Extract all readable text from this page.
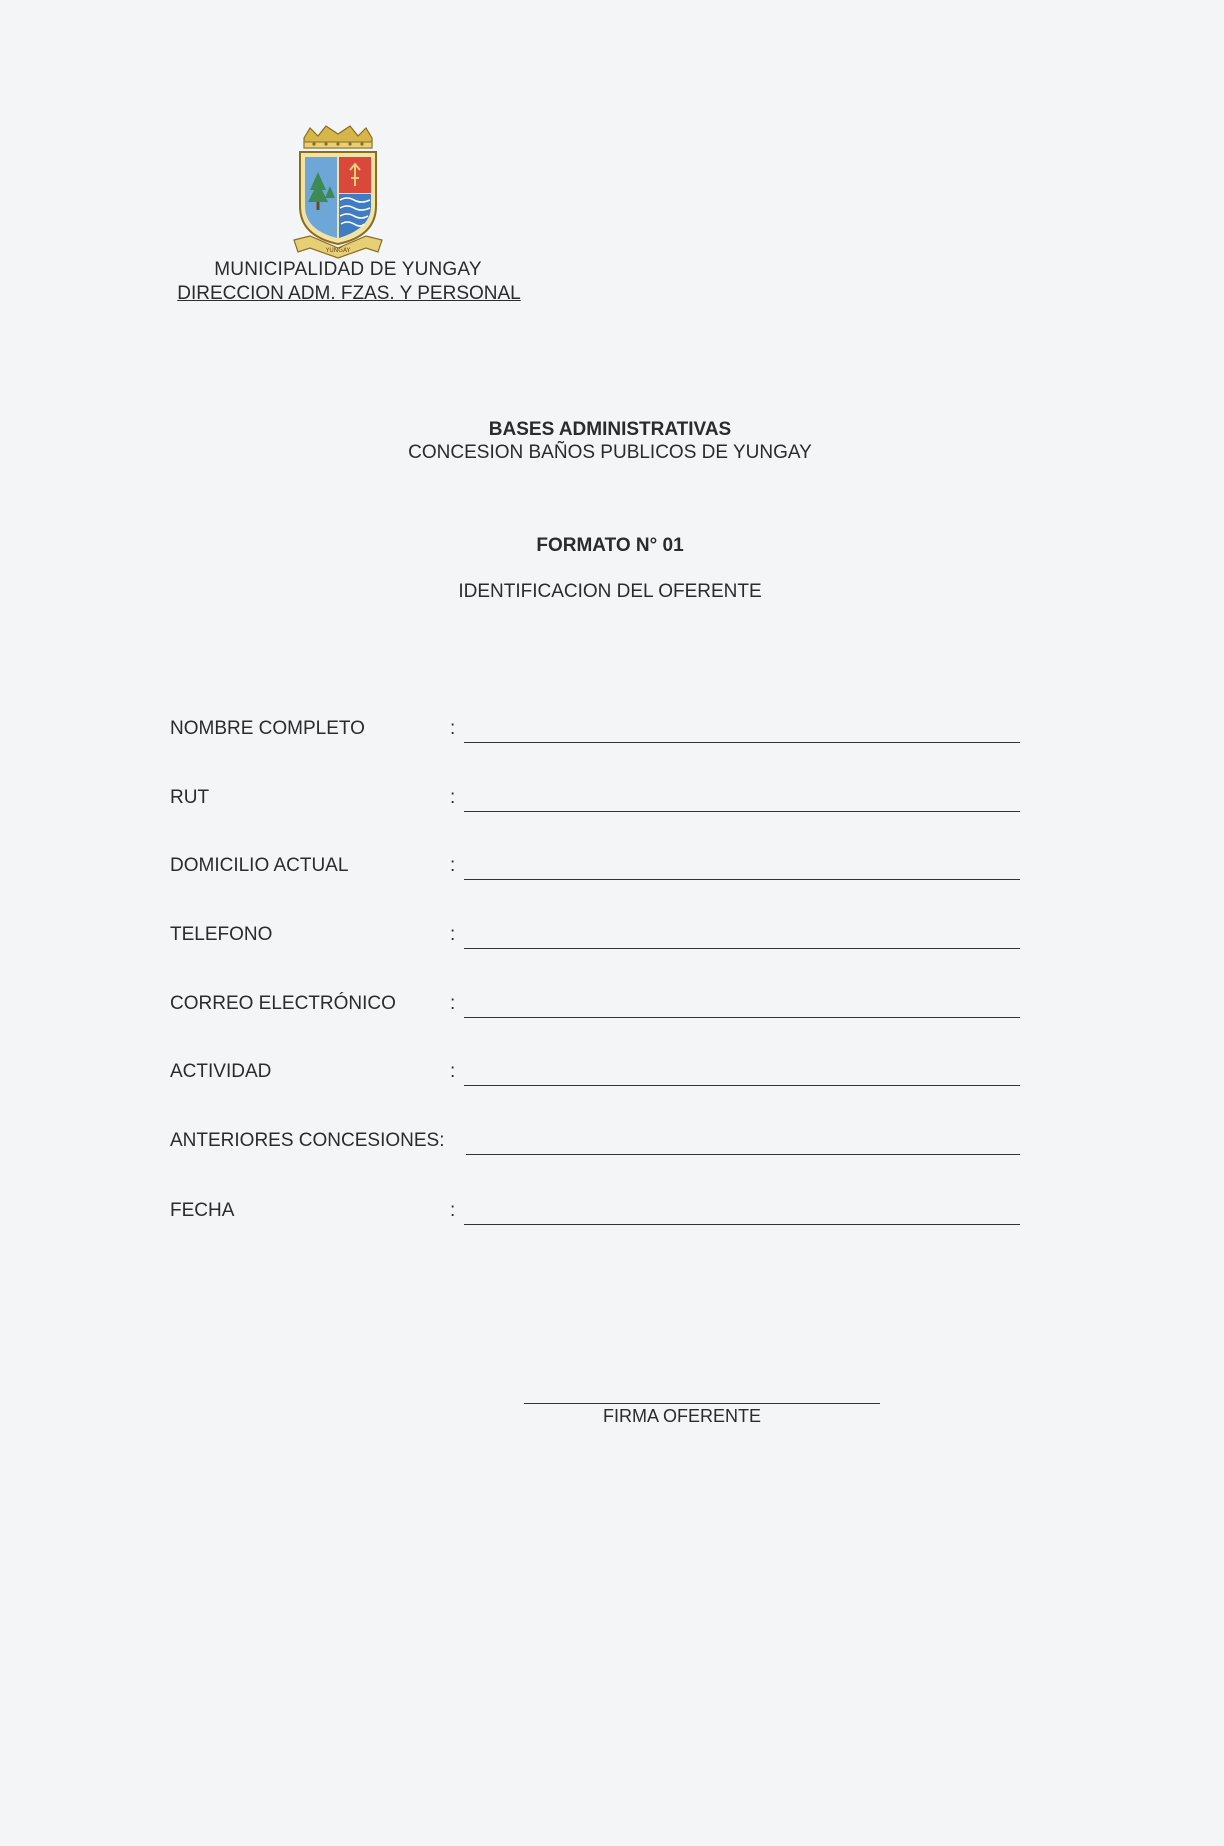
YUNGAY
MUNICIPALIDAD DE YUNGAY
DIRECCION ADM. FZAS. Y PERSONAL
BASES ADMINISTRATIVAS
CONCESION BAÑOS PUBLICOS DE YUNGAY
FORMATO N° 01
IDENTIFICACION DEL OFERENTE
NOMBRE COMPLETO	:
RUT	:
DOMICILIO ACTUAL	:
TELEFONO	:
CORREO ELECTRÓNICO	:
ACTIVIDAD	:
ANTERIORES CONCESIONES:
FECHA	:
FIRMA OFERENTE
